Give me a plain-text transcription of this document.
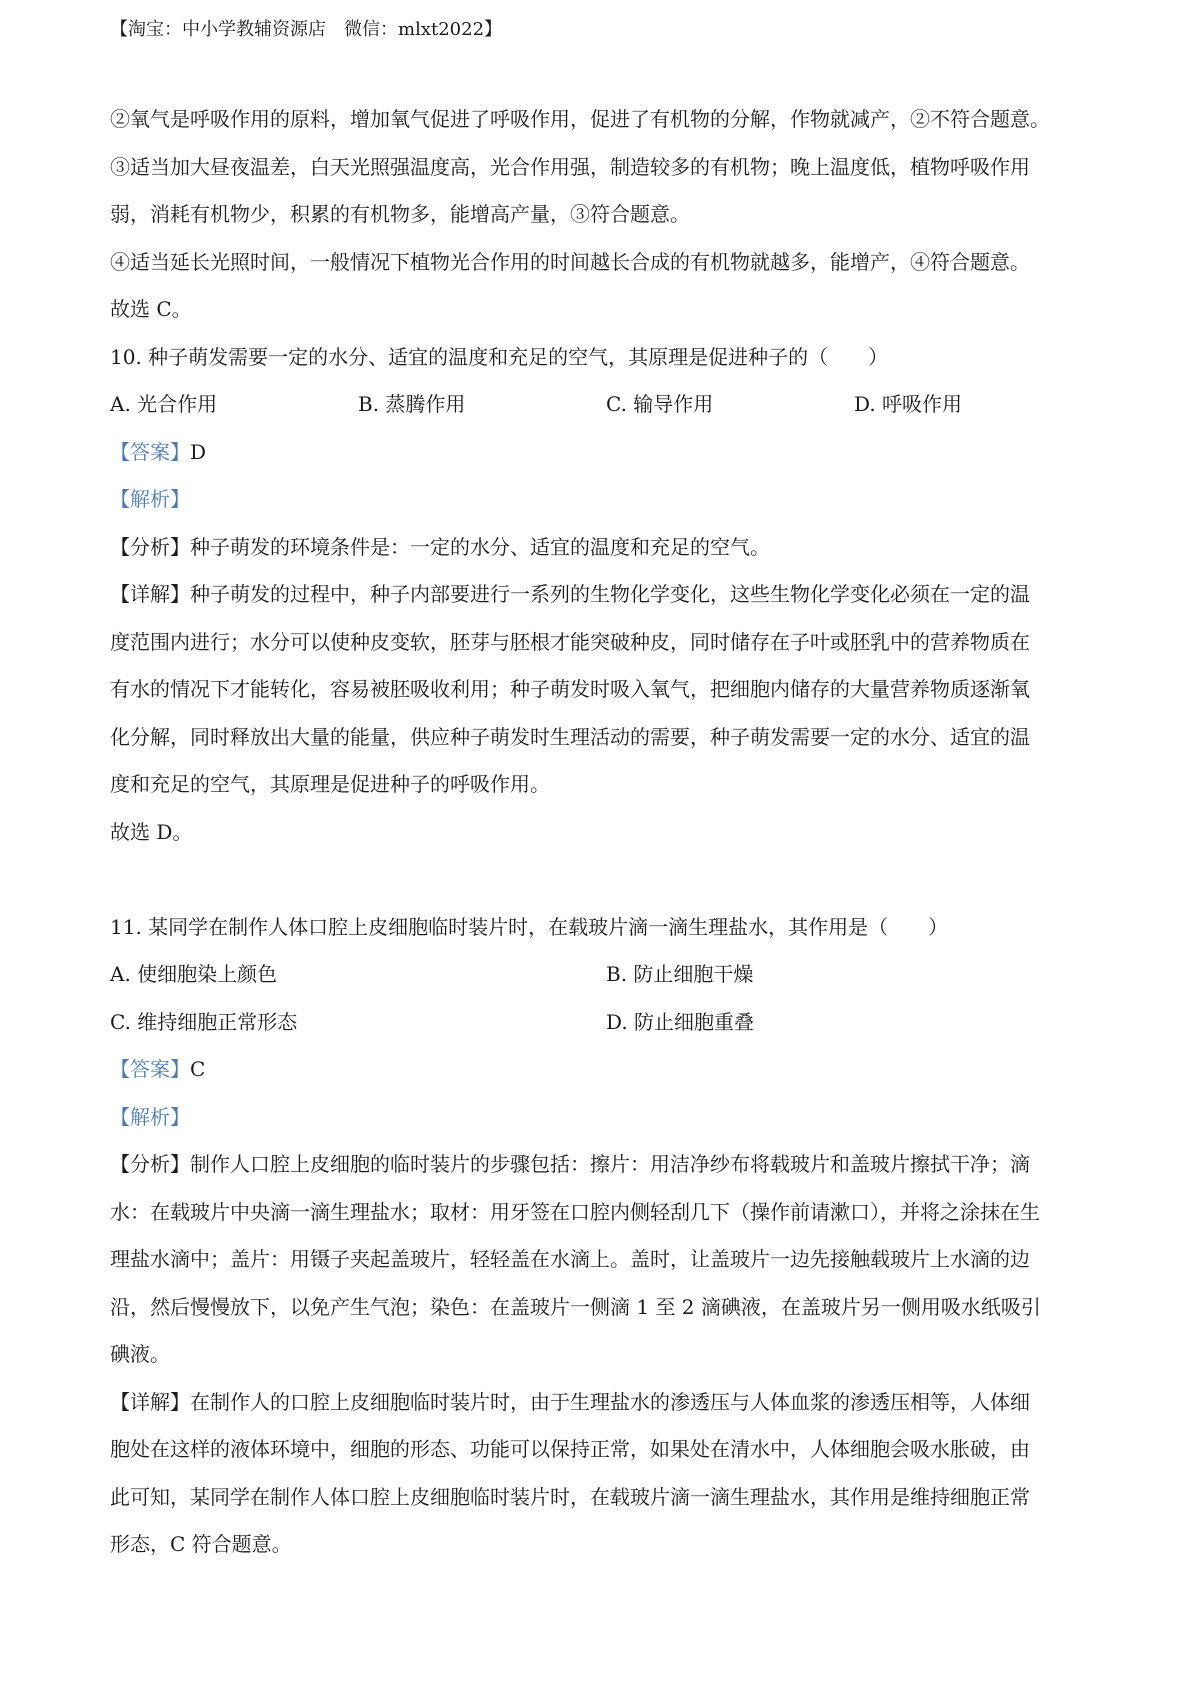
【淘宝：中小学教辅资源店　微信：mlxt2022】
②氧气是呼吸作用的原料，增加氧气促进了呼吸作用，促进了有机物的分解，作物就减产，②不符合题意。
③适当加大昼夜温差，白天光照强温度高，光合作用强，制造较多的有机物；晚上温度低，植物呼吸作用
弱，消耗有机物少，积累的有机物多，能增高产量，③符合题意。
④适当延长光照时间，一般情况下植物光合作用的时间越长合成的有机物就越多，能增产，④符合题意。
故选 C。
10. 种子萌发需要一定的水分、适宜的温度和充足的空气，其原理是促进种子的（　　）
A. 光合作用	B. 蒸腾作用	C. 输导作用	D. 呼吸作用
【答案】D
【解析】
【分析】种子萌发的环境条件是：一定的水分、适宜的温度和充足的空气。
【详解】种子萌发的过程中，种子内部要进行一系列的生物化学变化，这些生物化学变化必须在一定的温
度范围内进行；水分可以使种皮变软，胚芽与胚根才能突破种皮，同时储存在子叶或胚乳中的营养物质在
有水的情况下才能转化，容易被胚吸收利用；种子萌发时吸入氧气，把细胞内储存的大量营养物质逐渐氧
化分解，同时释放出大量的能量，供应种子萌发时生理活动的需要，种子萌发需要一定的水分、适宜的温
度和充足的空气，其原理是促进种子的呼吸作用。
故选 D。
11. 某同学在制作人体口腔上皮细胞临时装片时，在载玻片滴一滴生理盐水，其作用是（　　）
A. 使细胞染上颜色	B. 防止细胞干燥
C. 维持细胞正常形态	D. 防止细胞重叠
【答案】C
【解析】
【分析】制作人口腔上皮细胞的临时装片的步骤包括：擦片：用洁净纱布将载玻片和盖玻片擦拭干净；滴
水：在载玻片中央滴一滴生理盐水；取材：用牙签在口腔内侧轻刮几下（操作前请漱口），并将之涂抹在生
理盐水滴中；盖片：用镊子夹起盖玻片，轻轻盖在水滴上。盖时，让盖玻片一边先接触载玻片上水滴的边
沿，然后慢慢放下，以免产生气泡；染色：在盖玻片一侧滴 1 至 2 滴碘液，在盖玻片另一侧用吸水纸吸引
碘液。
【详解】在制作人的口腔上皮细胞临时装片时，由于生理盐水的渗透压与人体血浆的渗透压相等，人体细
胞处在这样的液体环境中，细胞的形态、功能可以保持正常，如果处在清水中，人体细胞会吸水胀破，由
此可知，某同学在制作人体口腔上皮细胞临时装片时，在载玻片滴一滴生理盐水，其作用是维持细胞正常
形态，C 符合题意。
